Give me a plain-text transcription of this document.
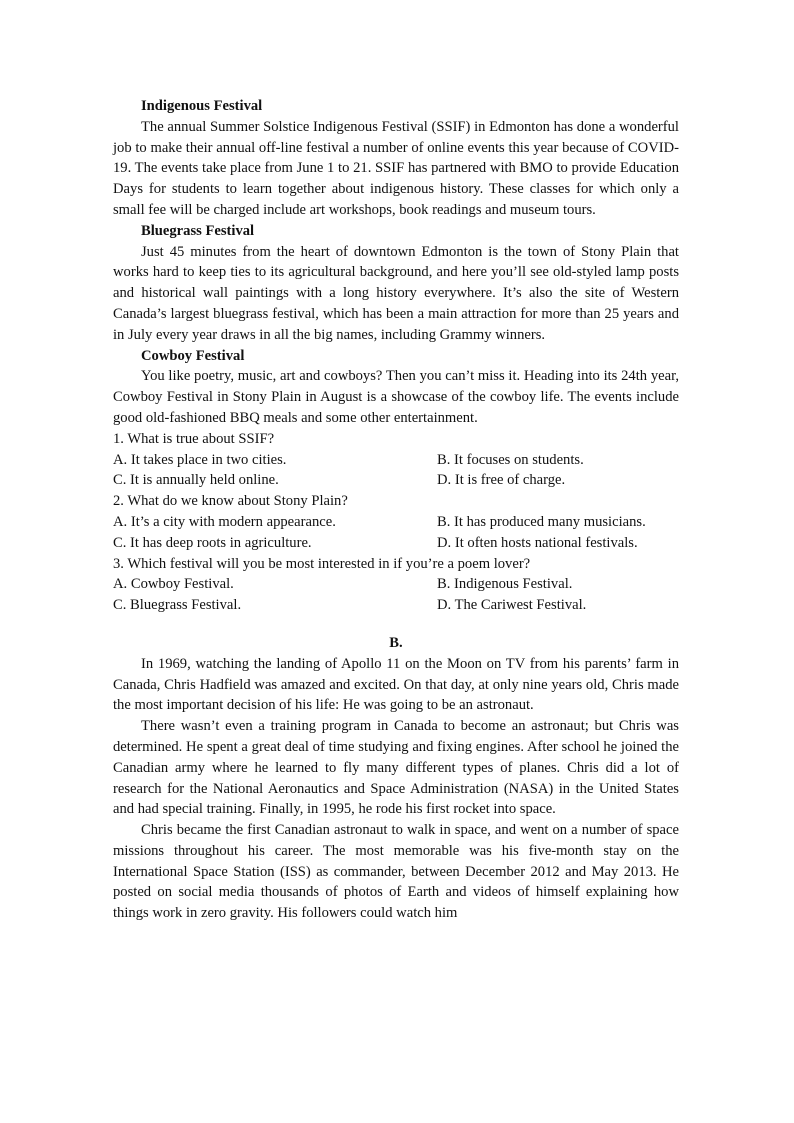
Indigenous Festival

The annual Summer Solstice Indigenous Festival (SSIF) in Edmonton has done a wonderful job to make their annual off-line festival a number of online events this year because of COVID-19. The events take place from June 1 to 21. SSIF has partnered with BMO to provide Education Days for students to learn together about indigenous history. These classes for which only a small fee will be charged include art workshops, book readings and museum tours.

Bluegrass Festival

Just 45 minutes from the heart of downtown Edmonton is the town of Stony Plain that works hard to keep ties to its agricultural background, and here you’ll see old-styled lamp posts and historical wall paintings with a long history everywhere. It’s also the site of Western Canada’s largest bluegrass festival, which has been a main attraction for more than 25 years and in July every year draws in all the big names, including Grammy winners.

Cowboy Festival

You like poetry, music, art and cowboys? Then you can’t miss it. Heading into its 24th year, Cowboy Festival in Stony Plain in August is a showcase of the cowboy life. The events include good old-fashioned BBQ meals and some other entertainment.

1. What is true about SSIF?

A. It takes place in two cities.	B. It focuses on students.

C. It is annually held online.	D. It is free of charge.

2. What do we know about Stony Plain?

A. It’s a city with modern appearance.	B. It has produced many musicians.

C. It has deep roots in agriculture.	D. It often hosts national festivals.

3. Which festival will you be most interested in if you’re a poem lover?

A. Cowboy Festival.	B. Indigenous Festival.

C. Bluegrass Festival.	D. The Cariwest Festival.

B.

In 1969, watching the landing of Apollo 11 on the Moon on TV from his parents’ farm in Canada, Chris Hadfield was amazed and excited. On that day, at only nine years old, Chris made the most important decision of his life: He was going to be an astronaut.

There wasn’t even a training program in Canada to become an astronaut; but Chris was determined. He spent a great deal of time studying and fixing engines. After school he joined the Canadian army where he learned to fly many different types of planes. Chris did a lot of research for the National Aeronautics and Space Administration (NASA) in the United States and had special training. Finally, in 1995, he rode his first rocket into space.

Chris became the first Canadian astronaut to walk in space, and went on a number of space missions throughout his career. The most memorable was his five-month stay on the International Space Station (ISS) as commander, between December 2012 and May 2013. He posted on social media thousands of photos of Earth and videos of himself explaining how things work in zero gravity. His followers could watch him
